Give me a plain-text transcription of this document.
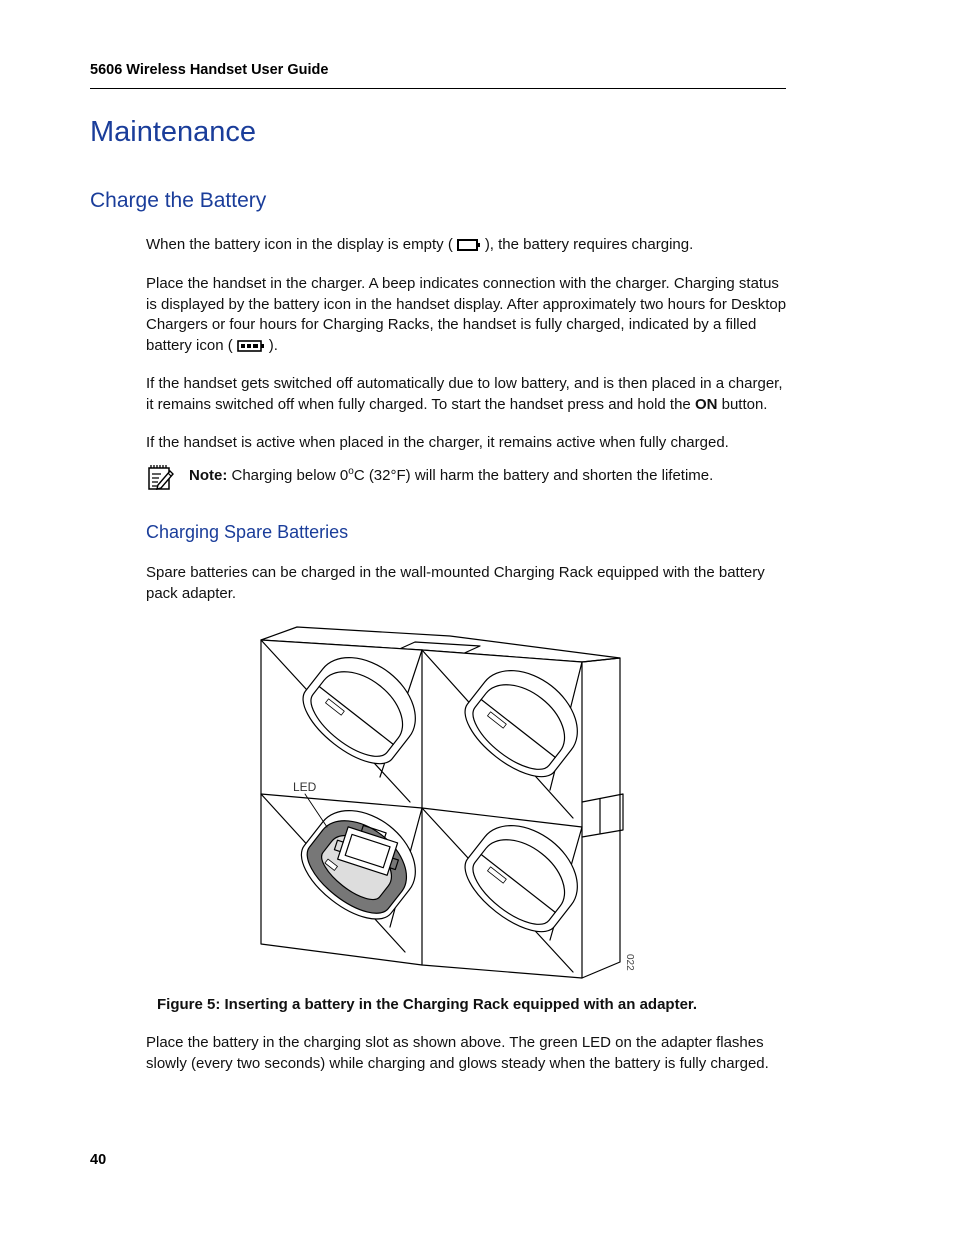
5606 Wireless Handset User Guide
Maintenance
Charge the Battery
When the battery icon in the display is empty ( ), the battery requires charging.
Place the handset in the charger. A beep indicates connection with the charger. Charging status is displayed by the battery icon in the handset display. After approximately two hours for Desktop Chargers or four hours for Charging Racks, the handset is fully charged, indicated by a filled battery icon ( ).
If the handset gets switched off automatically due to low battery, and is then placed in a charger, it remains switched off when fully charged. To start the handset press and hold the ON button.
If the handset is active when placed in the charger, it remains active when fully charged.
Note: Charging below 0$^o$C (32°F) will harm the battery and shorten the lifetime.
Charging Spare Batteries
Spare batteries can be charged in the wall-mounted Charging Rack equipped with the battery pack adapter.
LED
022
Figure 5: Inserting a battery in the Charging Rack equipped with an adapter.
Place the battery in the charging slot as shown above. The green LED on the adapter flashes slowly (every two seconds) while charging and glows steady when the battery is fully charged.
40
